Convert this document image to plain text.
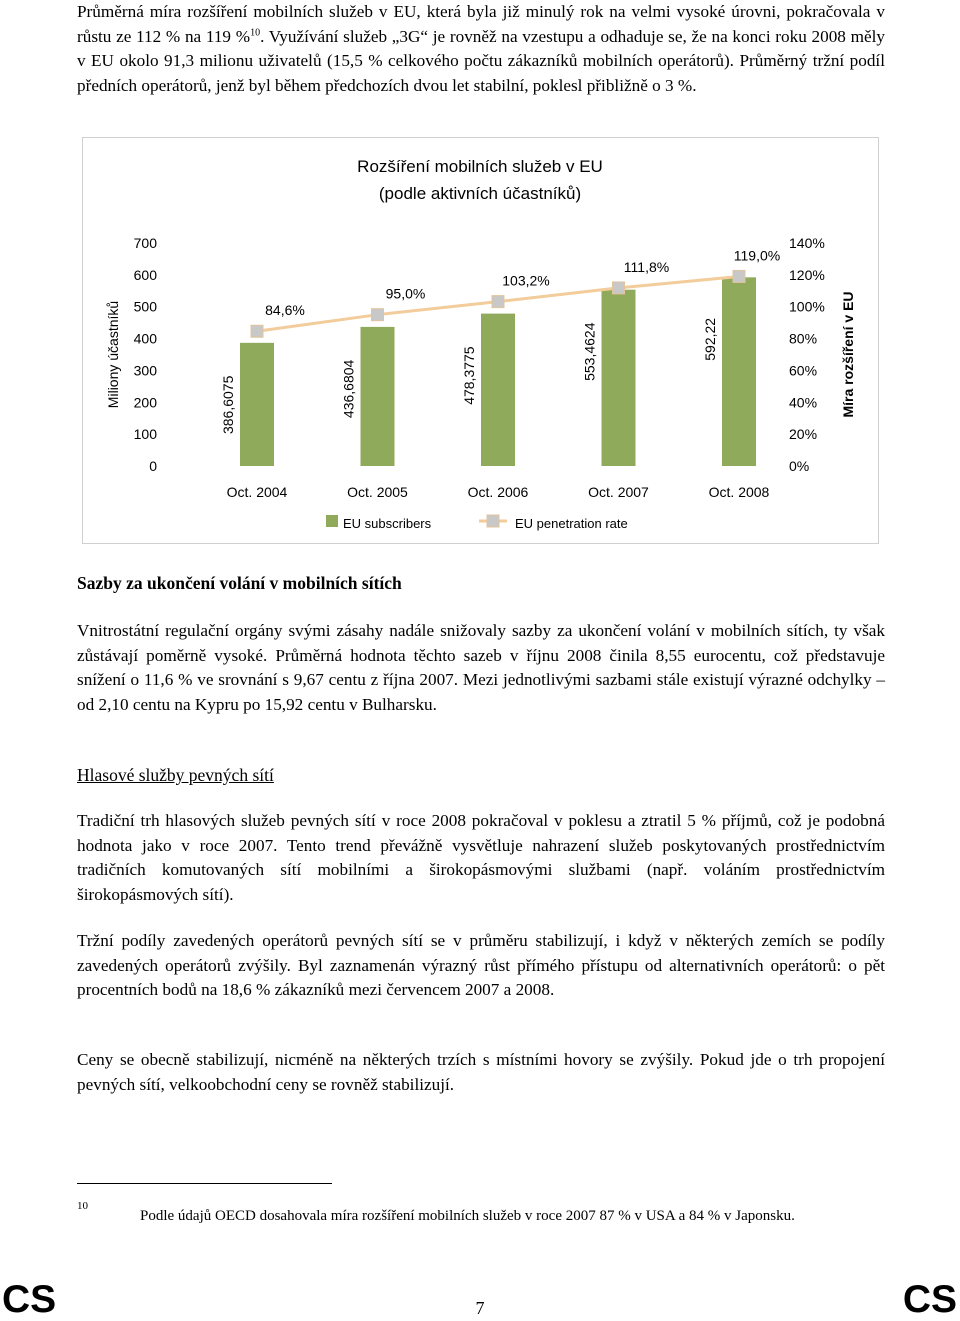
Průměrná míra rozšíření mobilních služeb v EU, která byla již minulý rok na velmi vysoké úrovni, pokračovala v růstu ze 112 % na 119 %$^{10}$. Využívání služeb „3G“ je rovněž na vzestupu a odhaduje se, že na konci roku 2008 měly v EU okolo 91,3 milionu uživatelů (15,5 % celkového počtu zákazníků mobilních operátorů). Průměrný tržní podíl předních operátorů, jenž byl během předchozích dvou let stabilní, poklesl přibližně o 3 %.

Rozšíření mobilních služeb v EU
(podle aktivních účastníků)
0
100
200
300
400
500
600
700
0%
20%
40%
60%
80%
100%
120%
140%
Miliony účastníků	Míra rozšíření v EU
386,6075	436,6804	478,3775	553,4624	592,22
Oct. 2004	Oct. 2005	Oct. 2006	Oct. 2007	Oct. 2008
84,6%
95,0%
103,2%
111,8%
119,0%
EU subscribers	EU penetration rate
Sazby za ukončení volání v mobilních sítích

Vnitrostátní regulační orgány svými zásahy nadále snižovaly sazby za ukončení volání v mobilních sítích, ty však zůstávají poměrně vysoké. Průměrná hodnota těchto sazeb v říjnu 2008 činila 8,55 eurocentu, což představuje snížení o 11,6 % ve srovnání s 9,67 centu z října 2007. Mezi jednotlivými sazbami stále existují výrazné odchylky – od 2,10 centu na Kypru po 15,92 centu v Bulharsku.

Hlasové služby pevných sítí

Tradiční trh hlasových služeb pevných sítí v roce 2008 pokračoval v poklesu a ztratil 5 % příjmů, což je podobná hodnota jako v roce 2007. Tento trend převážně vysvětluje nahrazení služeb poskytovaných prostřednictvím tradičních komutovaných sítí mobilními a širokopásmovými službami (např. voláním prostřednictvím širokopásmových sítí).

Tržní podíly zavedených operátorů pevných sítí se v průměru stabilizují, i když v některých zemích se podíly zavedených operátorů zvýšily. Byl zaznamenán výrazný růst přímého přístupu od alternativních operátorů: o pět procentních bodů na 18,6 % zákazníků mezi červencem 2007 a 2008.

Ceny se obecně stabilizují, nicméně na některých trzích s místními hovory se zvýšily. Pokud jde o trh propojení pevných sítí, velkoobchodní ceny se rovněž stabilizují.

10

Podle údajů OECD dosahovala míra rozšíření mobilních služeb v roce 2007 87 % v USA a 84 % v Japonsku.

CS	7	CS
